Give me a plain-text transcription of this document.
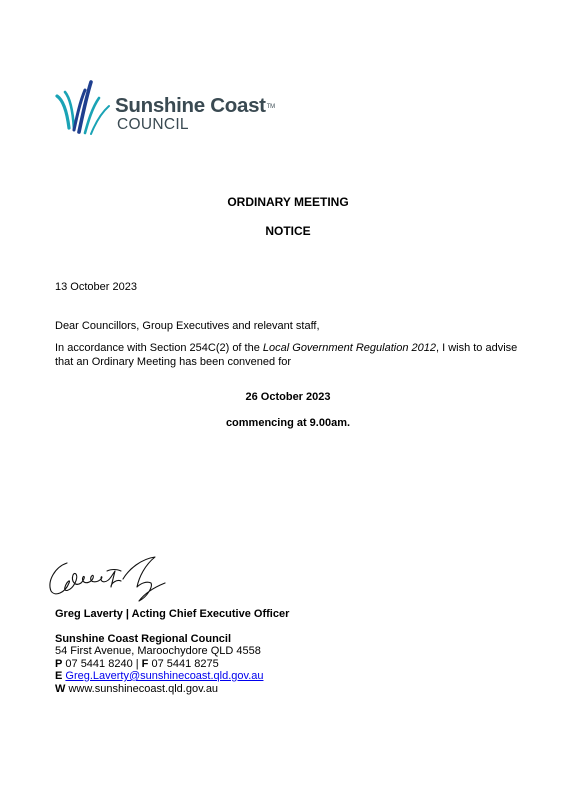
Sunshine Coast™
COUNCIL
ORDINARY MEETING
NOTICE
13 October 2023
Dear Councillors, Group Executives and relevant staff,
In accordance with Section 254C(2) of the Local Government Regulation 2012, I wish to advise that an Ordinary Meeting has been convened for
26 October 2023
commencing at 9.00am.
Greg Laverty | Acting Chief Executive Officer
Sunshine Coast Regional Council
54 First Avenue, Maroochydore QLD 4558
P 07 5441 8240 | F 07 5441 8275
E Greg.Laverty@sunshinecoast.qld.gov.au
W www.sunshinecoast.qld.gov.au
